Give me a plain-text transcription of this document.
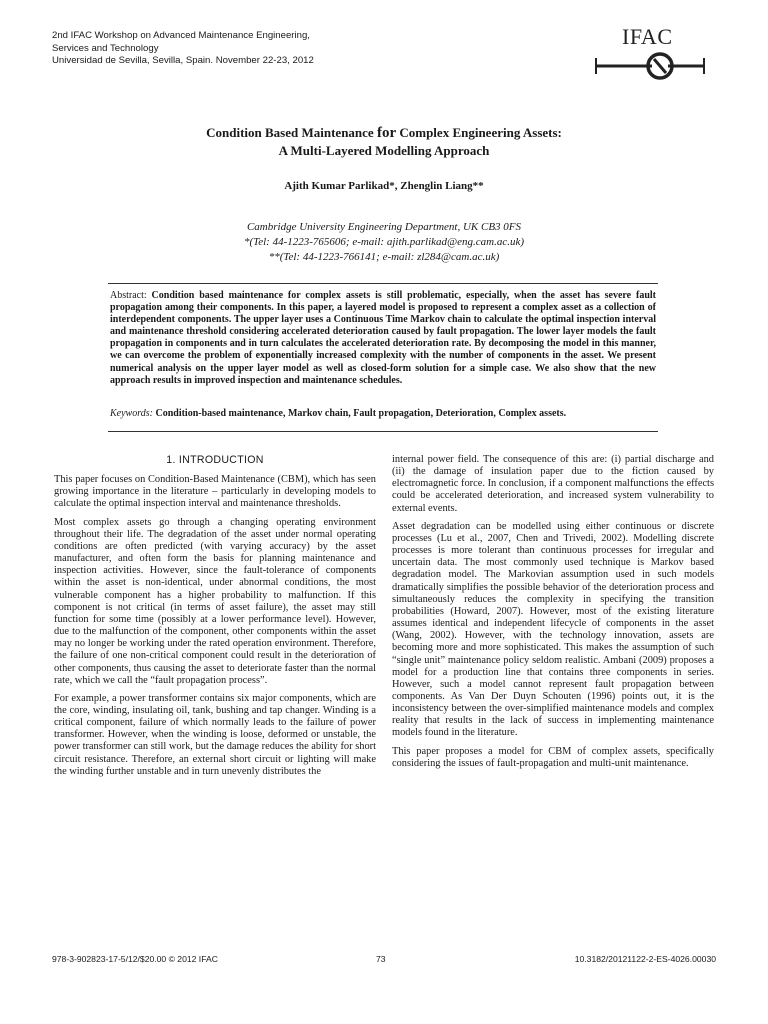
2nd IFAC Workshop on Advanced Maintenance Engineering,
Services and Technology
Universidad de Sevilla, Sevilla, Spain. November 22-23, 2012
IFAC
Condition Based Maintenance for Complex Engineering Assets:
A Multi-Layered Modelling Approach
Ajith Kumar Parlikad*, Zhenglin Liang**
Cambridge University Engineering Department, UK CB3 0FS
*(Tel: 44-1223-765606; e-mail: ajith.parlikad@eng.cam.ac.uk)
**(Tel: 44-1223-766141; e-mail: zl284@cam.ac.uk)
Abstract: Condition based maintenance for complex assets is still problematic, especially, when the asset has severe fault propagation among their components. In this paper, a layered model is proposed to represent a complex asset as a collection of interdependent components. The upper layer uses a Continuous Time Markov chain to calculate the optimal inspection interval and maintenance threshold considering accelerated deterioration caused by fault propagation. The lower layer models the fault propagation in components and in turn calculates the accelerated deterioration rate. By decomposing the model in this manner, we can overcome the problem of exponentially increased complexity with the number of components in the asset. We present numerical analysis on the upper layer model as well as closed-form solution for a simple case. We also show that the new approach results in improved inspection and maintenance schedules.
Keywords: Condition-based maintenance, Markov chain, Fault propagation, Deterioration, Complex assets.
1. INTRODUCTION

This paper focuses on Condition-Based Maintenance (CBM), which has seen growing importance in the literature – particularly in developing models to calculate the optimal inspection interval and maintenance thresholds.

Most complex assets go through a changing operating environment throughout their life. The degradation of the asset under normal operating conditions are often predicted (with varying accuracy) by the asset manufacturer, and often form the basis for planning maintenance and inspection activities. However, since the fault-tolerance of components within the asset is non-identical, under abnormal conditions, the most vulnerable component has a higher probability to malfunction. If this component is not critical (in terms of asset failure), the asset may still function for some time (possibly at a lower performance level). However, due to the malfunction of the component, other components within the asset may no longer be working under the rated operation environment. Therefore, the failure of one non-critical component could result in the deterioration of other components, thus causing the asset to deteriorate faster than the normal rate, which we call the “fault propagation process”.

For example, a power transformer contains six major components, which are the core, winding, insulating oil, tank, bushing and tap changer. Winding is a critical component, failure of which normally leads to the failure of power transformer. However, when the winding is loose, deformed or unstable, the power transformer can still work, but the damage reduces the ability for short circuit resistance. Therefore, an external short circuit or lighting will make the winding further unstable and in turn unevenly distributes the

internal power field. The consequence of this are: (i) partial discharge and (ii) the damage of insulation paper due to the fiction caused by electromagnetic force. In conclusion, if a component malfunctions the effects could be accelerated deterioration, and increased system vulnerability to external events.

Asset degradation can be modelled using either continuous or discrete processes (Lu et al., 2007, Chen and Trivedi, 2002). Modelling discrete processes is more tolerant than continuous processes for irregular and uncertain data. The most commonly used technique is Markov based degradation model. The Markovian assumption used in such models dramatically simplifies the possible behavior of the deterioration process and simultaneously reduces the complexity in specifying the transition probabilities (Howard, 2007). However, most of the existing literature assumes identical and independent lifecycle of components in the asset (Wang, 2002). However, with the technology innovation, assets are becoming more and more sophisticated. This makes the assumption of such “single unit” maintenance policy seldom realistic. Ambani (2009) proposes a model for a production line that contains three components in series. However, such a model cannot represent fault propagation between components. As Van Der Duyn Schouten (1996) points out, it is the inconsistency between the over-simplified maintenance models and complex reality that results in the lack of success in implementing maintenance models found in the literature.

This paper proposes a model for CBM of complex assets, specifically considering the issues of fault-propagation and multi-unit maintenance.

978-3-902823-17-5/12/$20.00 © 2012 IFAC	73	10.3182/20121122-2-ES-4026.00030
